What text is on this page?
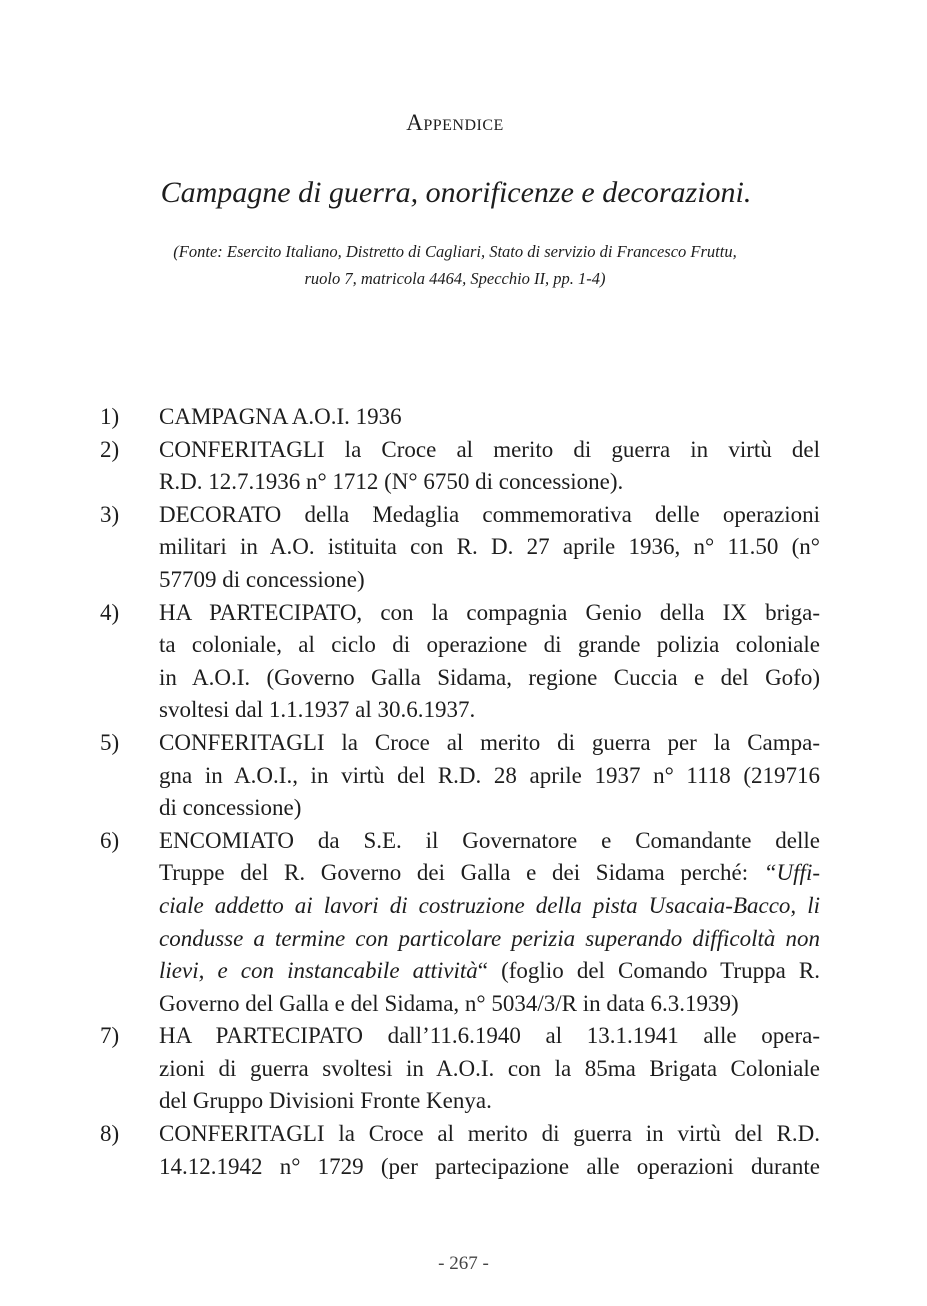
Appendice
Campagne di guerra, onorificenze e decorazioni.
(Fonte: Esercito Italiano, Distretto di Cagliari, Stato di servizio di Francesco Fruttu,
ruolo 7, matricola 4464, Specchio II, pp. 1-4)
1)	CAMPAGNA A.O.I. 1936
2)	CONFERITAGLI la Croce al merito di guerra in virtù del
R.D. 12.7.1936 n° 1712 (N° 6750 di concessione).
3)	DECORATO della Medaglia commemorativa delle operazioni
militari in A.O. istituita con R. D. 27 aprile 1936, n° 11.50 (n°
57709 di concessione)
4)	HA PARTECIPATO, con la compagnia Genio della IX briga-
ta coloniale, al ciclo di operazione di grande polizia coloniale
in A.O.I. (Governo Galla Sidama, regione Cuccia e del Gofo)
svoltesi dal 1.1.1937 al 30.6.1937.
5)	CONFERITAGLI la Croce al merito di guerra per la Campa-
gna in A.O.I., in virtù del R.D. 28 aprile 1937 n° 1118 (219716
di concessione)
6)	ENCOMIATO da S.E. il Governatore e Comandante delle
Truppe del R. Governo dei Galla e dei Sidama perché: “Uffi-
ciale addetto ai lavori di costruzione della pista Usacaia-Bacco, li
condusse a termine con particolare perizia superando difficoltà non
lievi, e con instancabile attività“ (foglio del Comando Truppa R.
Governo del Galla e del Sidama, n° 5034/3/R in data 6.3.1939)
7)	HA PARTECIPATO dall’11.6.1940 al 13.1.1941 alle opera-
zioni di guerra svoltesi in A.O.I. con la 85ma Brigata Coloniale
del Gruppo Divisioni Fronte Kenya.
8)	CONFERITAGLI la Croce al merito di guerra in virtù del R.D.
14.12.1942 n° 1729 (per partecipazione alle operazioni durante
- 267 -
